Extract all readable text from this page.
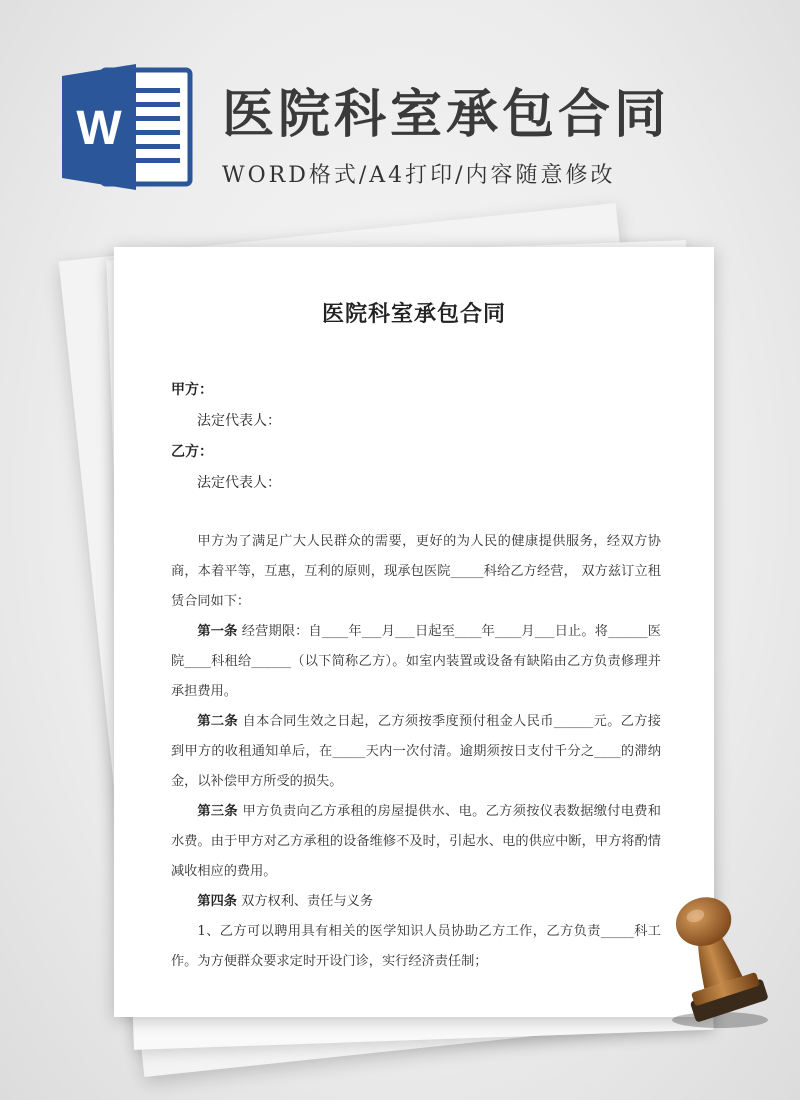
W 医院科室承包合同
WORD格式/A4打印/内容随意修改
医院科室承包合同
甲方：
法定代表人：
乙方：
法定代表人：

甲方为了满足广大人民群众的需要，更好的为人民的健康提供服务，经双方协商，本着平等，互惠，互利的原则，现承包医院_____科给乙方经营， 双方兹订立租赁合同如下：

第一条 经营期限：自____年___月___日起至____年____月___日止。将______医院____科租给______（以下简称乙方）。如室内装置或设备有缺陷由乙方负责修理并承担费用。

第二条 自本合同生效之日起，乙方须按季度预付租金人民币______元。乙方接到甲方的收租通知单后，在_____天内一次付清。逾期须按日支付千分之____的滞纳金，以补偿甲方所受的损失。

第三条 甲方负责向乙方承租的房屋提供水、电。乙方须按仪表数据缴付电费和水费。由于甲方对乙方承租的设备维修不及时，引起水、电的供应中断，甲方将酌情减收相应的费用。

第四条 双方权利、责任与义务

1、乙方可以聘用具有相关的医学知识人员协助乙方工作，乙方负责_____科工作。为方便群众要求定时开设门诊，实行经济责任制；
